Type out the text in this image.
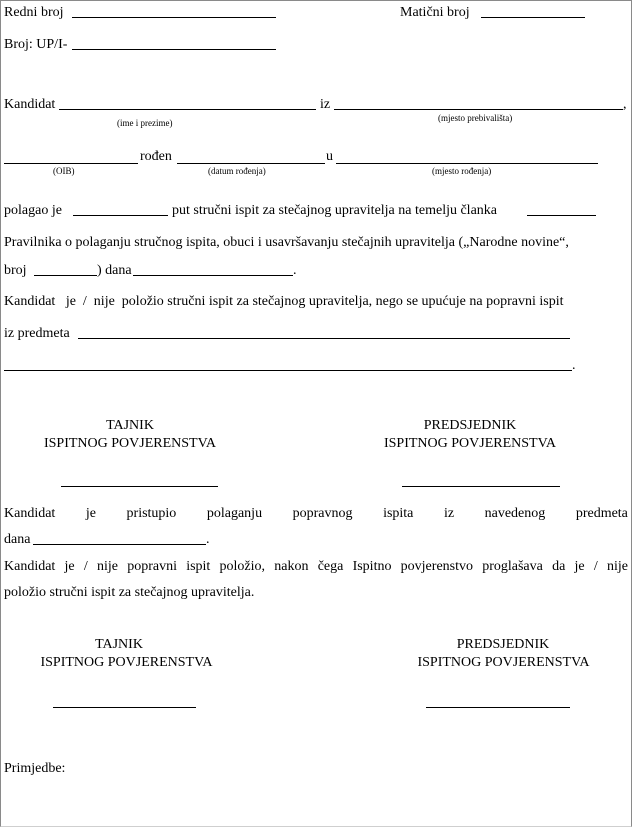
Redni broj	Matični broj
Broj: UP/I-
Kandidat	iz	,
(ime i prezime)	(mjesto prebivališta)
rođen	u
(OIB)	(datum rođenja)	(mjesto rođenja)
polagao je	put stručni ispit za stečajnog upravitelja na temelju članka
Pravilnika o polaganju stručnog ispita, obuci i usavršavanju stečajnih upravitelja („Narodne novine“,
broj	) dana	.
Kandidat   je  /  nije  položio stručni ispit za stečajnog upravitelja, nego se upućuje na popravni ispit
iz predmeta
.
TAJNIK
ISPITNOG POVJERENSTVA
PREDSJEDNIK
ISPITNOG POVJERENSTVA
Kandidat je pristupio polaganju popravnog ispita iz navedenog predmeta
dana	.
Kandidat je / nije popravni ispit položio, nakon čega Ispitno povjerenstvo proglašava da je / nije
položio stručni ispit za stečajnog upravitelja.
TAJNIK
ISPITNOG POVJERENSTVA
PREDSJEDNIK
ISPITNOG POVJERENSTVA
Primjedbe:
